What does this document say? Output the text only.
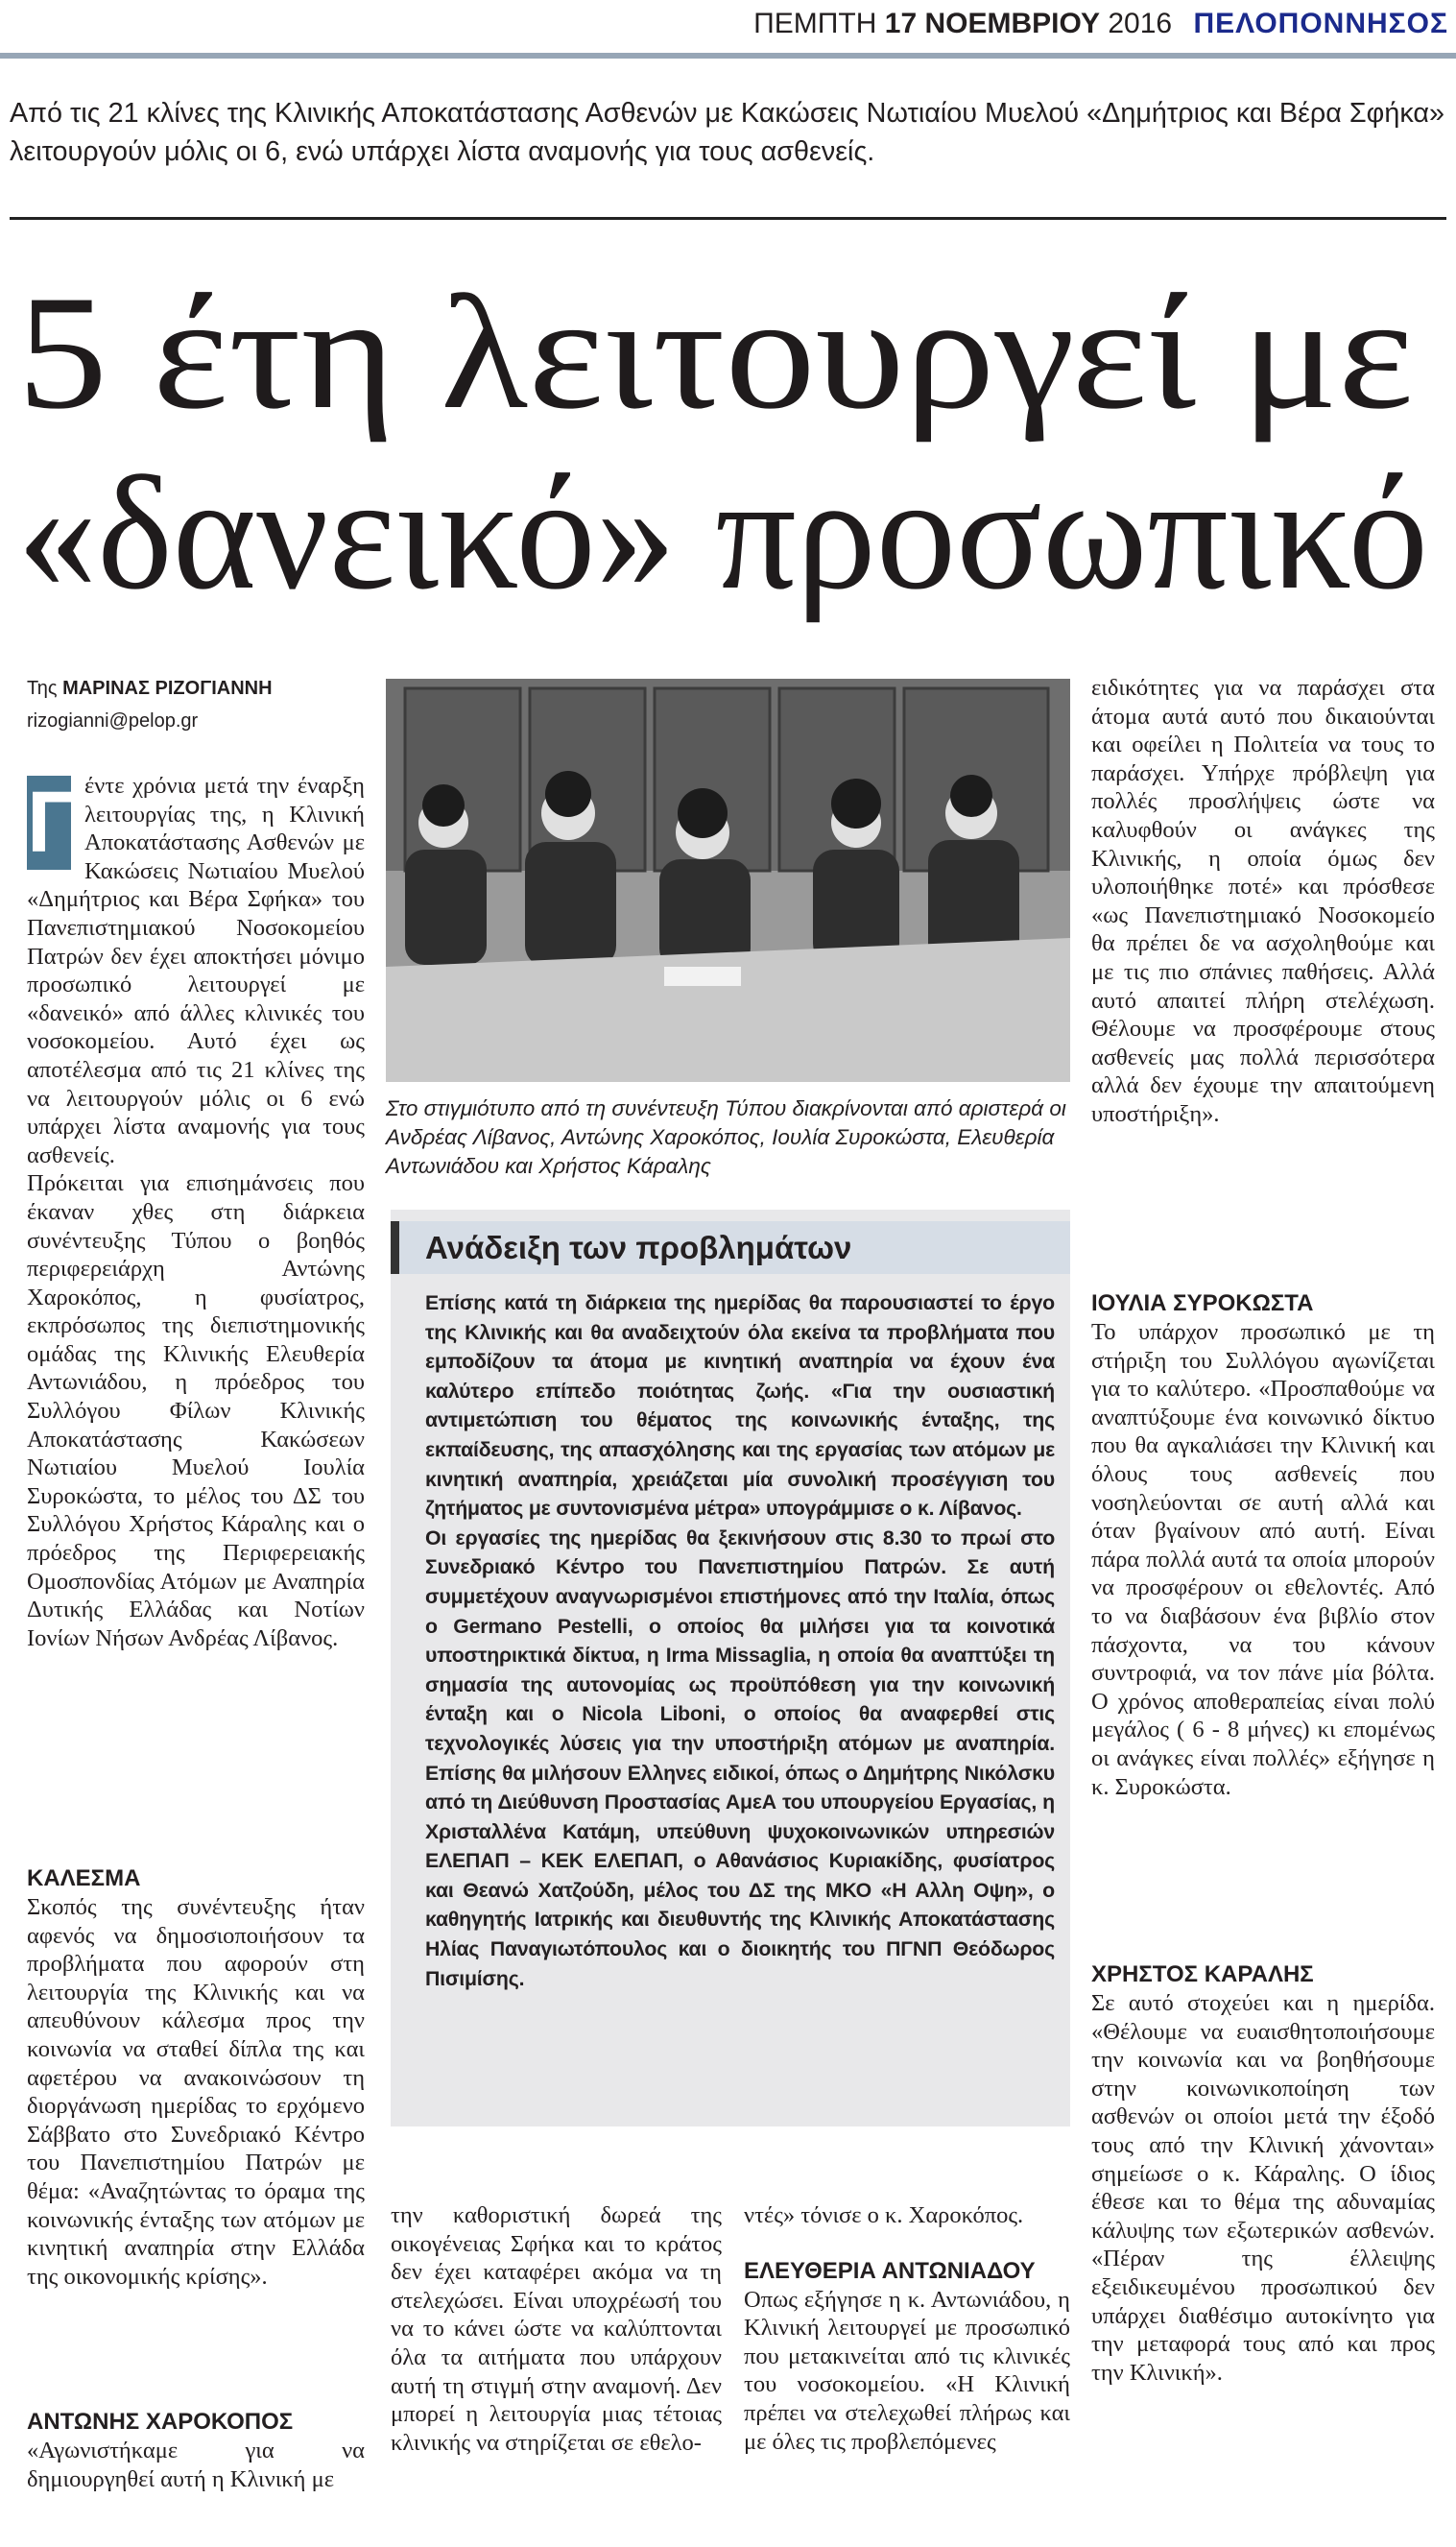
ΠΕΜΠΤΗ 17 ΝΟΕΜΒΡΙΟΥ 2016 ΠΕΛΟΠΟΝΝΗΣΟΣ
Από τις 21 κλίνες της Κλινικής Αποκατάστασης Ασθενών με Κακώσεις Νωτιαίου Μυελού «Δημήτριος και Βέρα Σφήκα» λειτουργούν μόλις οι 6, ενώ υπάρχει λίστα αναμονής για τους ασθενείς.
5 έτη λειτουργεί με
«δανεικό» προσωπικό
Της ΜΑΡΙΝΑΣ ΡΙΖΟΓΙΑΝΝΗ
rizogianni@pelop.gr

Π
έντε χρόνια μετά την έναρξη λειτουργίας της, η Κλινική Αποκατάστασης Ασθενών με Κακώσεις Νωτιαίου Μυελού «Δημήτριος και Βέρα Σφήκα» του Πανεπιστημιακού Νοσοκομείου Πατρών δεν έχει αποκτήσει μόνιμο προσωπικό λειτουργεί με «δανεικό» από άλλες κλινικές του νοσοκομείου. Αυτό έχει ως αποτέλεσμα από τις 21 κλίνες της να λειτουργούν μόλις οι 6 ενώ υπάρχει λίστα αναμονής για τους ασθενείς.

Πρόκειται για επισημάνσεις που έκαναν χθες στη διάρκεια συνέντευξης Τύπου ο βοηθός περιφερειάρχη Αντώνης Χαροκόπος, η φυσίατρος, εκπρόσωπος της διεπιστημονικής ομάδας της Κλινικής Ελευθερία Αντωνιάδου, η πρόεδρος του Συλλόγου Φίλων Κλινικής Αποκατάστασης Κακώσεων Νωτιαίου Μυελού Ιουλία Συροκώστα, το μέλος του ΔΣ του Συλλόγου Χρήστος Κάραλης και ο πρόεδρος της Περιφερειακής Ομοσπονδίας Ατόμων με Αναπηρία Δυτικής Ελλάδας και Νοτίων Ιονίων Νήσων Ανδρέας Λίβανος.

ΚΑΛΕΣΜΑ

Σκοπός της συνέντευξης ήταν αφενός να δημοσιοποιήσουν τα προβλήματα που αφορούν στη λειτουργία της Κλινικής και να απευθύνουν κάλεσμα προς την κοινωνία να σταθεί δίπλα της και αφετέρου να ανακοινώσουν τη διοργάνωση ημερίδας το ερχόμενο Σάββατο στο Συνεδριακό Κέντρο του Πανεπιστημίου Πατρών με θέμα: «Αναζητώντας το όραμα της κοινωνικής ένταξης των ατόμων με κινητική αναπηρία στην Ελλάδα της οικονομικής κρίσης».

ΑΝΤΩΝΗΣ ΧΑΡΟΚΟΠΟΣ

«Αγωνιστήκαμε για να δημιουργηθεί αυτή η Κλινική με

Στο στιγμιότυπο από τη συνέντευξη Τύπου διακρίνονται από αριστερά οι Ανδρέας Λίβανος, Αντώνης Χαροκόπος, Ιουλία Συροκώστα, Ελευθερία Αντωνιάδου και Χρήστος Κάραλης
Ανάδειξη των προβλημάτων

Επίσης κατά τη διάρκεια της ημερίδας θα παρουσιαστεί το έργο της Κλινικής και θα αναδειχτούν όλα εκείνα τα προβλήματα που εμποδίζουν τα άτομα με κινητική αναπηρία να έχουν ένα καλύτερο επίπεδο ποιότητας ζωής. «Για την ουσιαστική αντιμετώπιση του θέματος της κοινωνικής ένταξης, της εκπαίδευσης, της απασχόλησης και της εργασίας των ατόμων με κινητική αναπηρία, χρειάζεται μία συνολική προσέγγιση του ζητήματος με συντονισμένα μέτρα» υπογράμμισε ο κ. Λίβανος.

Οι εργασίες της ημερίδας θα ξεκινήσουν στις 8.30 το πρωί στο Συνεδριακό Κέντρο του Πανεπιστημίου Πατρών. Σε αυτή συμμετέχουν αναγνωρισμένοι επιστήμονες από την Ιταλία, όπως ο Germano Pestelli, ο οποίος θα μιλήσει για τα κοινοτικά υποστηρικτικά δίκτυα, η Irma Missaglia, η οποία θα αναπτύξει τη σημασία της αυτονομίας ως προϋπόθεση για την κοινωνική ένταξη και ο Nicola Liboni, ο οποίος θα αναφερθεί στις τεχνολογικές λύσεις για την υποστήριξη ατόμων με αναπηρία. Επίσης θα μιλήσουν Ελληνες ειδικοί, όπως ο Δημήτρης Νικόλσκυ από τη Διεύθυνση Προστασίας ΑμεΑ του υπουργείου Εργασίας, η Χρισταλλένα Κατάμη, υπεύθυνη ψυχοκοινωνικών υπηρεσιών ΕΛΕΠΑΠ – ΚΕΚ ΕΛΕΠΑΠ, ο Αθανάσιος Κυριακίδης, φυσίατρος και Θεανώ Χατζούδη, μέλος του ΔΣ της ΜΚΟ «Η Αλλη Οψη», ο καθηγητής Ιατρικής και διευθυντής της Κλινικής Αποκατάστασης Ηλίας Παναγιωτόπουλος και ο διοικητής του ΠΓΝΠ Θεόδωρος Πισιμίσης.

την καθοριστική δωρεά της οικογένειας Σφήκα και το κράτος δεν έχει καταφέρει ακόμα να τη στελεχώσει. Είναι υποχρέωσή του να το κάνει ώστε να καλύπτονται όλα τα αιτήματα που υπάρχουν αυτή τη στιγμή στην αναμονή. Δεν μπορεί η λειτουργία μιας τέτοιας κλινικής να στηρίζεται σε εθελο-

ντές» τόνισε ο κ. Χαροκόπος.

ΕΛΕΥΘΕΡΙΑ ΑΝΤΩΝΙΑΔΟΥ

Οπως εξήγησε η κ. Αντωνιάδου, η Κλινική λειτουργεί με προσωπικό που μετακινείται από τις κλινικές του νοσοκομείου. «Η Κλινική πρέπει να στελεχωθεί πλήρως και με όλες τις προβλεπόμενες

ειδικότητες για να παράσχει στα άτομα αυτά αυτό που δικαιούνται και οφείλει η Πολιτεία να τους το παράσχει. Υπήρχε πρόβλεψη για πολλές προσλήψεις ώστε να καλυφθούν οι ανάγκες της Κλινικής, η οποία όμως δεν υλοποιήθηκε ποτέ» και πρόσθεσε «ως Πανεπιστημιακό Νοσοκομείο θα πρέπει δε να ασχοληθούμε και με τις πιο σπάνιες παθήσεις. Αλλά αυτό απαιτεί πλήρη στελέχωση. Θέλουμε να προσφέρουμε στους ασθενείς μας πολλά περισσότερα αλλά δεν έχουμε την απαιτούμενη υποστήριξη».

ΙΟΥΛΙΑ ΣΥΡΟΚΩΣΤΑ

Το υπάρχον προσωπικό με τη στήριξη του Συλλόγου αγωνίζεται για το καλύτερο. «Προσπαθούμε να αναπτύξουμε ένα κοινωνικό δίκτυο που θα αγκαλιάσει την Κλινική και όλους τους ασθενείς που νοσηλεύονται σε αυτή αλλά και όταν βγαίνουν από αυτή. Είναι πάρα πολλά αυτά τα οποία μπορούν να προσφέρουν οι εθελοντές. Από το να διαβάσουν ένα βιβλίο στον πάσχοντα, να του κάνουν συντροφιά, να τον πάνε μία βόλτα. Ο χρόνος αποθεραπείας είναι πολύ μεγάλος ( 6 - 8 μήνες) κι επομένως οι ανάγκες είναι πολλές» εξήγησε η κ. Συροκώστα.

ΧΡΗΣΤΟΣ ΚΑΡΑΛΗΣ

Σε αυτό στοχεύει και η ημερίδα. «Θέλουμε να ευαισθητοποιήσουμε την κοινωνία και να βοηθήσουμε στην κοινωνικοποίηση των ασθενών οι οποίοι μετά την έξοδό τους από την Κλινική χάνονται» σημείωσε ο κ. Κάραλης. Ο ίδιος έθεσε και το θέμα της αδυναμίας κάλυψης των εξωτερικών ασθενών. «Πέραν της έλλειψης εξειδικευμένου προσωπικού δεν υπάρχει διαθέσιμο αυτοκίνητο για την μεταφορά τους από και προς την Κλινική».
